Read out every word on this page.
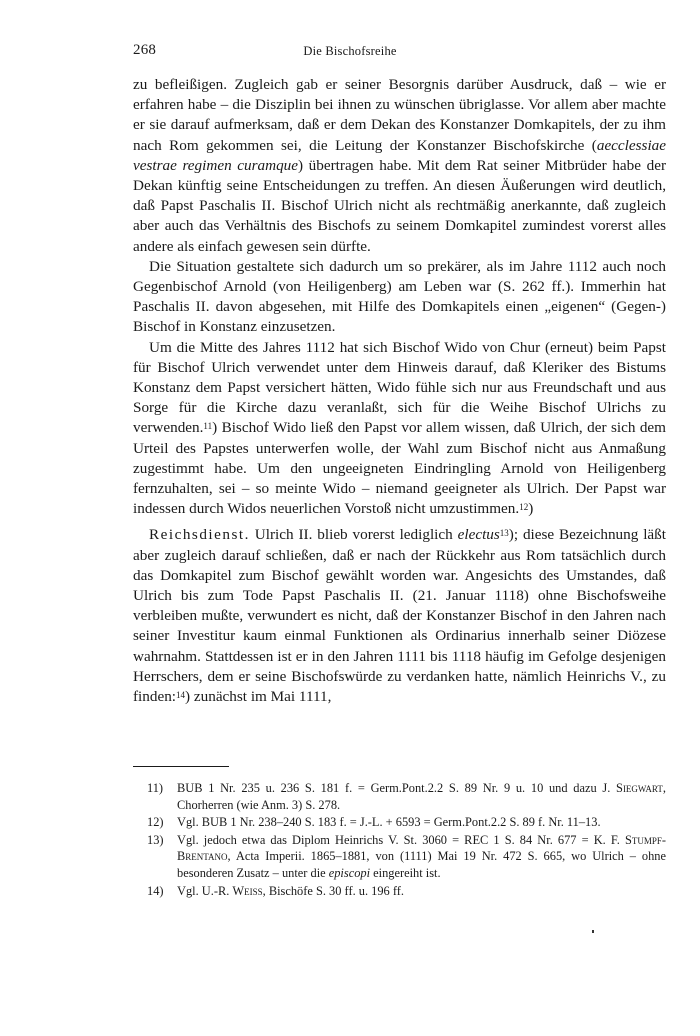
268	Die Bischofsreihe

zu befleißigen. Zugleich gab er seiner Besorgnis darüber Ausdruck, daß – wie er erfahren habe – die Disziplin bei ihnen zu wünschen übriglasse. Vor allem aber machte er sie darauf aufmerksam, daß er dem Dekan des Konstanzer Domkapitels, der zu ihm nach Rom gekommen sei, die Leitung der Konstanzer Bischofskirche (aecclessiae vestrae regimen curamque) übertragen habe. Mit dem Rat seiner Mitbrüder habe der Dekan künftig seine Entscheidungen zu treffen. An diesen Äußerungen wird deutlich, daß Papst Paschalis II. Bischof Ulrich nicht als rechtmäßig anerkannte, daß zugleich aber auch das Verhältnis des Bischofs zu seinem Domkapitel zumindest vorerst alles andere als einfach gewesen sein dürfte.

Die Situation gestaltete sich dadurch um so prekärer, als im Jahre 1112 auch noch Gegenbischof Arnold (von Heiligenberg) am Leben war (S. 262 ff.). Immerhin hat Paschalis II. davon abgesehen, mit Hilfe des Domkapitels einen „eigenen“ (Gegen-) Bischof in Konstanz einzusetzen.

Um die Mitte des Jahres 1112 hat sich Bischof Wido von Chur (erneut) beim Papst für Bischof Ulrich verwendet unter dem Hinweis darauf, daß Kleriker des Bistums Konstanz dem Papst versichert hätten, Wido fühle sich nur aus Freundschaft und aus Sorge für die Kirche dazu veranlaßt, sich für die Weihe Bischof Ulrichs zu verwenden.$^{11}$) Bischof Wido ließ den Papst vor allem wissen, daß Ulrich, der sich dem Urteil des Papstes unterwerfen wolle, der Wahl zum Bischof nicht aus Anmaßung zugestimmt habe. Um den ungeeigneten Eindringling Arnold von Heiligenberg fernzuhalten, sei – so meinte Wido – niemand geeigneter als Ulrich. Der Papst war indessen durch Widos neuerlichen Vorstoß nicht umzustimmen.$^{12}$)

Reichsdienst. Ulrich II. blieb vorerst lediglich electus$^{13}$); diese Bezeichnung läßt aber zugleich darauf schließen, daß er nach der Rückkehr aus Rom tatsächlich durch das Domkapitel zum Bischof gewählt worden war. Angesichts des Umstandes, daß Ulrich bis zum Tode Papst Paschalis II. (21. Januar 1118) ohne Bischofsweihe verbleiben mußte, verwundert es nicht, daß der Konstanzer Bischof in den Jahren nach seiner Investitur kaum einmal Funktionen als Ordinarius innerhalb seiner Diözese wahrnahm. Stattdessen ist er in den Jahren 1111 bis 1118 häufig im Gefolge desjenigen Herrschers, dem er seine Bischofswürde zu verdanken hatte, nämlich Heinrichs V., zu finden:$^{14}$) zunächst im Mai 1111,

11) BUB 1 Nr. 235 u. 236 S. 181 f. = Germ.Pont.2.2 S. 89 Nr. 9 u. 10 und dazu J. Siegwart, Chorherren (wie Anm. 3) S. 278.
12) Vgl. BUB 1 Nr. 238–240 S. 183 f. = J.-L. + 6593 = Germ.Pont.2.2 S. 89 f. Nr. 11–13.
13) Vgl. jedoch etwa das Diplom Heinrichs V. St. 3060 = REC 1 S. 84 Nr. 677 = K. F. Stumpf-Brentano, Acta Imperii. 1865–1881, von (1111) Mai 19 Nr. 472 S. 665, wo Ulrich – ohne besonderen Zusatz – unter die episcopi eingereiht ist.
14) Vgl. U.-R. Weiss, Bischöfe S. 30 ff. u. 196 ff.
